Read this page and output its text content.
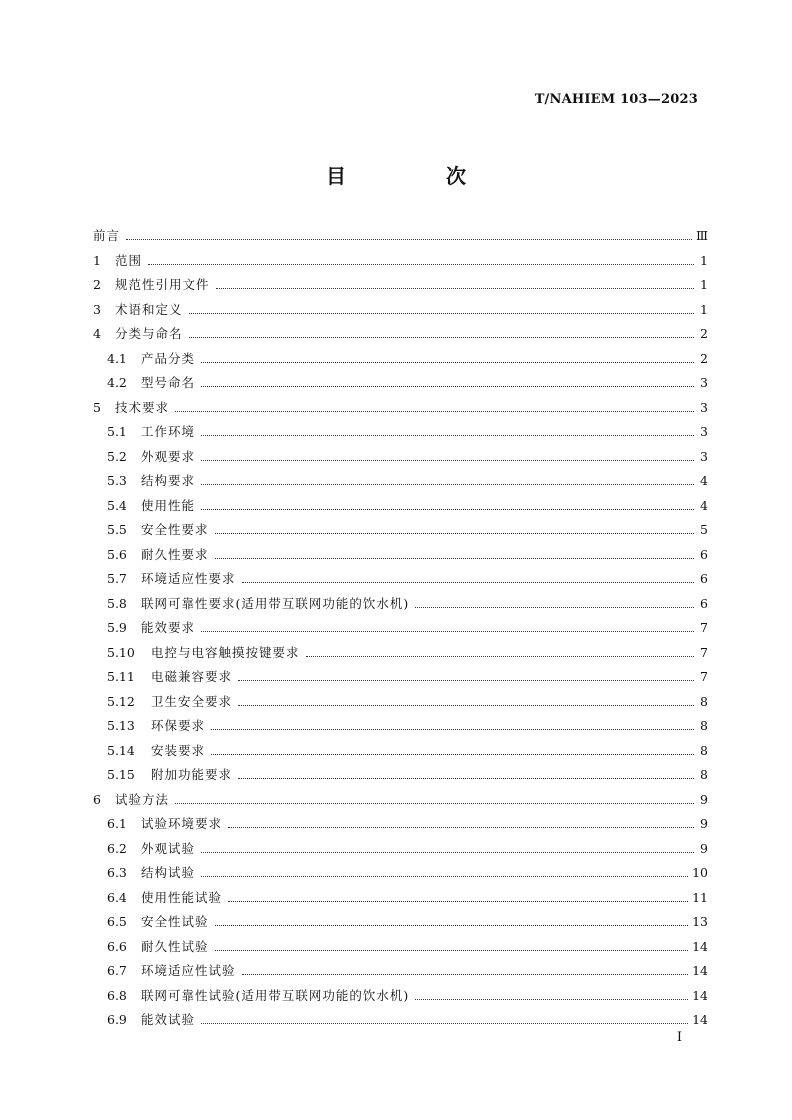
T/NAHIEM 103—2023
目　次
前言	Ⅲ
1	范围	1
2	规范性引用文件	1
3	术语和定义	1
4	分类与命名	2
4.1	产品分类	2
4.2	型号命名	3
5	技术要求	3
5.1	工作环境	3
5.2	外观要求	3
5.3	结构要求	4
5.4	使用性能	4
5.5	安全性要求	5
5.6	耐久性要求	6
5.7	环境适应性要求	6
5.8	联网可靠性要求(适用带互联网功能的饮水机)	6
5.9	能效要求	7
5.10	电控与电容触摸按键要求	7
5.11	电磁兼容要求	7
5.12	卫生安全要求	8
5.13	环保要求	8
5.14	安装要求	8
5.15	附加功能要求	8
6	试验方法	9
6.1	试验环境要求	9
6.2	外观试验	9
6.3	结构试验	10
6.4	使用性能试验	11
6.5	安全性试验	13
6.6	耐久性试验	14
6.7	环境适应性试验	14
6.8	联网可靠性试验(适用带互联网功能的饮水机)	14
6.9	能效试验	14
I
